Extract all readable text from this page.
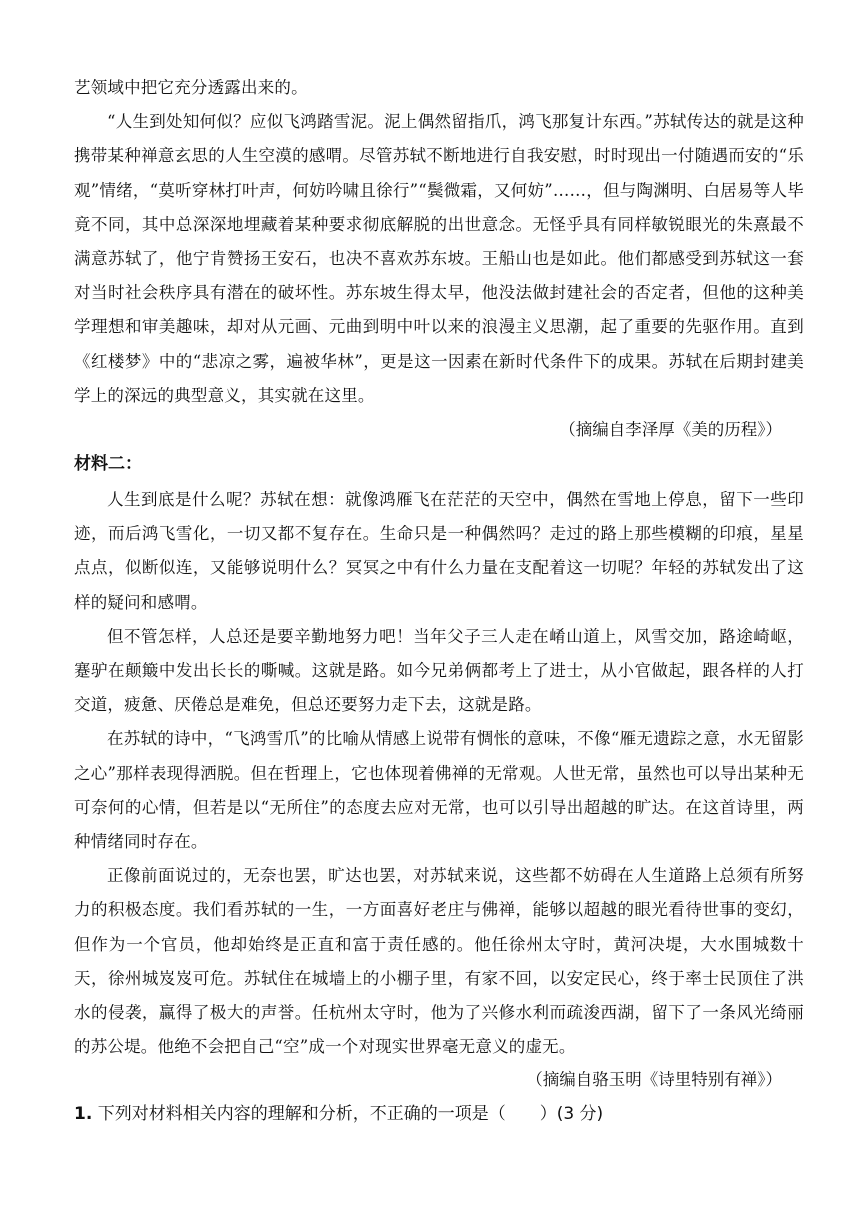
艺领域中把它充分透露出来的。

“人生到处知何似？应似飞鸿踏雪泥。泥上偶然留指爪，鸿飞那复计东西。”苏轼传达的就是这种携带某种禅意玄思的人生空漠的感喟。尽管苏轼不断地进行自我安慰，时时现出一付随遇而安的“乐观”情绪，“莫听穿林打叶声，何妨吟啸且徐行”“鬓微霜，又何妨”……，但与陶渊明、白居易等人毕竟不同，其中总深深地埋藏着某种要求彻底解脱的出世意念。无怪乎具有同样敏锐眼光的朱熹最不满意苏轼了，他宁肯赞扬王安石，也决不喜欢苏东坡。王船山也是如此。他们都感受到苏轼这一套对当时社会秩序具有潜在的破坏性。苏东坡生得太早，他没法做封建社会的否定者，但他的这种美学理想和审美趣味，却对从元画、元曲到明中叶以来的浪漫主义思潮，起了重要的先驱作用。直到《红楼梦》中的“悲凉之雾，遍被华林”，更是这一因素在新时代条件下的成果。苏轼在后期封建美学上的深远的典型意义，其实就在这里。

（摘编自李泽厚《美的历程》）
材料二：

人生到底是什么呢？苏轼在想：就像鸿雁飞在茫茫的天空中，偶然在雪地上停息，留下一些印迹，而后鸿飞雪化，一切又都不复存在。生命只是一种偶然吗？走过的路上那些模糊的印痕，星星点点，似断似连，又能够说明什么？冥冥之中有什么力量在支配着这一切呢？年轻的苏轼发出了这样的疑问和感喟。

但不管怎样，人总还是要辛勤地努力吧！当年父子三人走在崤山道上，风雪交加，路途崎岖，蹇驴在颠簸中发出长长的嘶喊。这就是路。如今兄弟俩都考上了进士，从小官做起，跟各样的人打交道，疲惫、厌倦总是难免，但总还要努力走下去，这就是路。

在苏轼的诗中，“飞鸿雪爪”的比喻从情感上说带有惆怅的意味，不像“雁无遗踪之意，水无留影之心”那样表现得洒脱。但在哲理上，它也体现着佛禅的无常观。人世无常，虽然也可以导出某种无可奈何的心情，但若是以“无所住”的态度去应对无常，也可以引导出超越的旷达。在这首诗里，两种情绪同时存在。

正像前面说过的，无奈也罢，旷达也罢，对苏轼来说，这些都不妨碍在人生道路上总须有所努力的积极态度。我们看苏轼的一生，一方面喜好老庄与佛禅，能够以超越的眼光看待世事的变幻，但作为一个官员，他却始终是正直和富于责任感的。他任徐州太守时，黄河决堤，大水围城数十天，徐州城岌岌可危。苏轼住在城墙上的小棚子里，有家不回，以安定民心，终于率士民顶住了洪水的侵袭，赢得了极大的声誉。任杭州太守时，他为了兴修水利而疏浚西湖，留下了一条风光绮丽的苏公堤。他绝不会把自己“空”成一个对现实世界毫无意义的虚无。

（摘编自骆玉明《诗里特别有禅》）
1. 下列对材料相关内容的理解和分析，不正确的一项是（　　）(3 分)
